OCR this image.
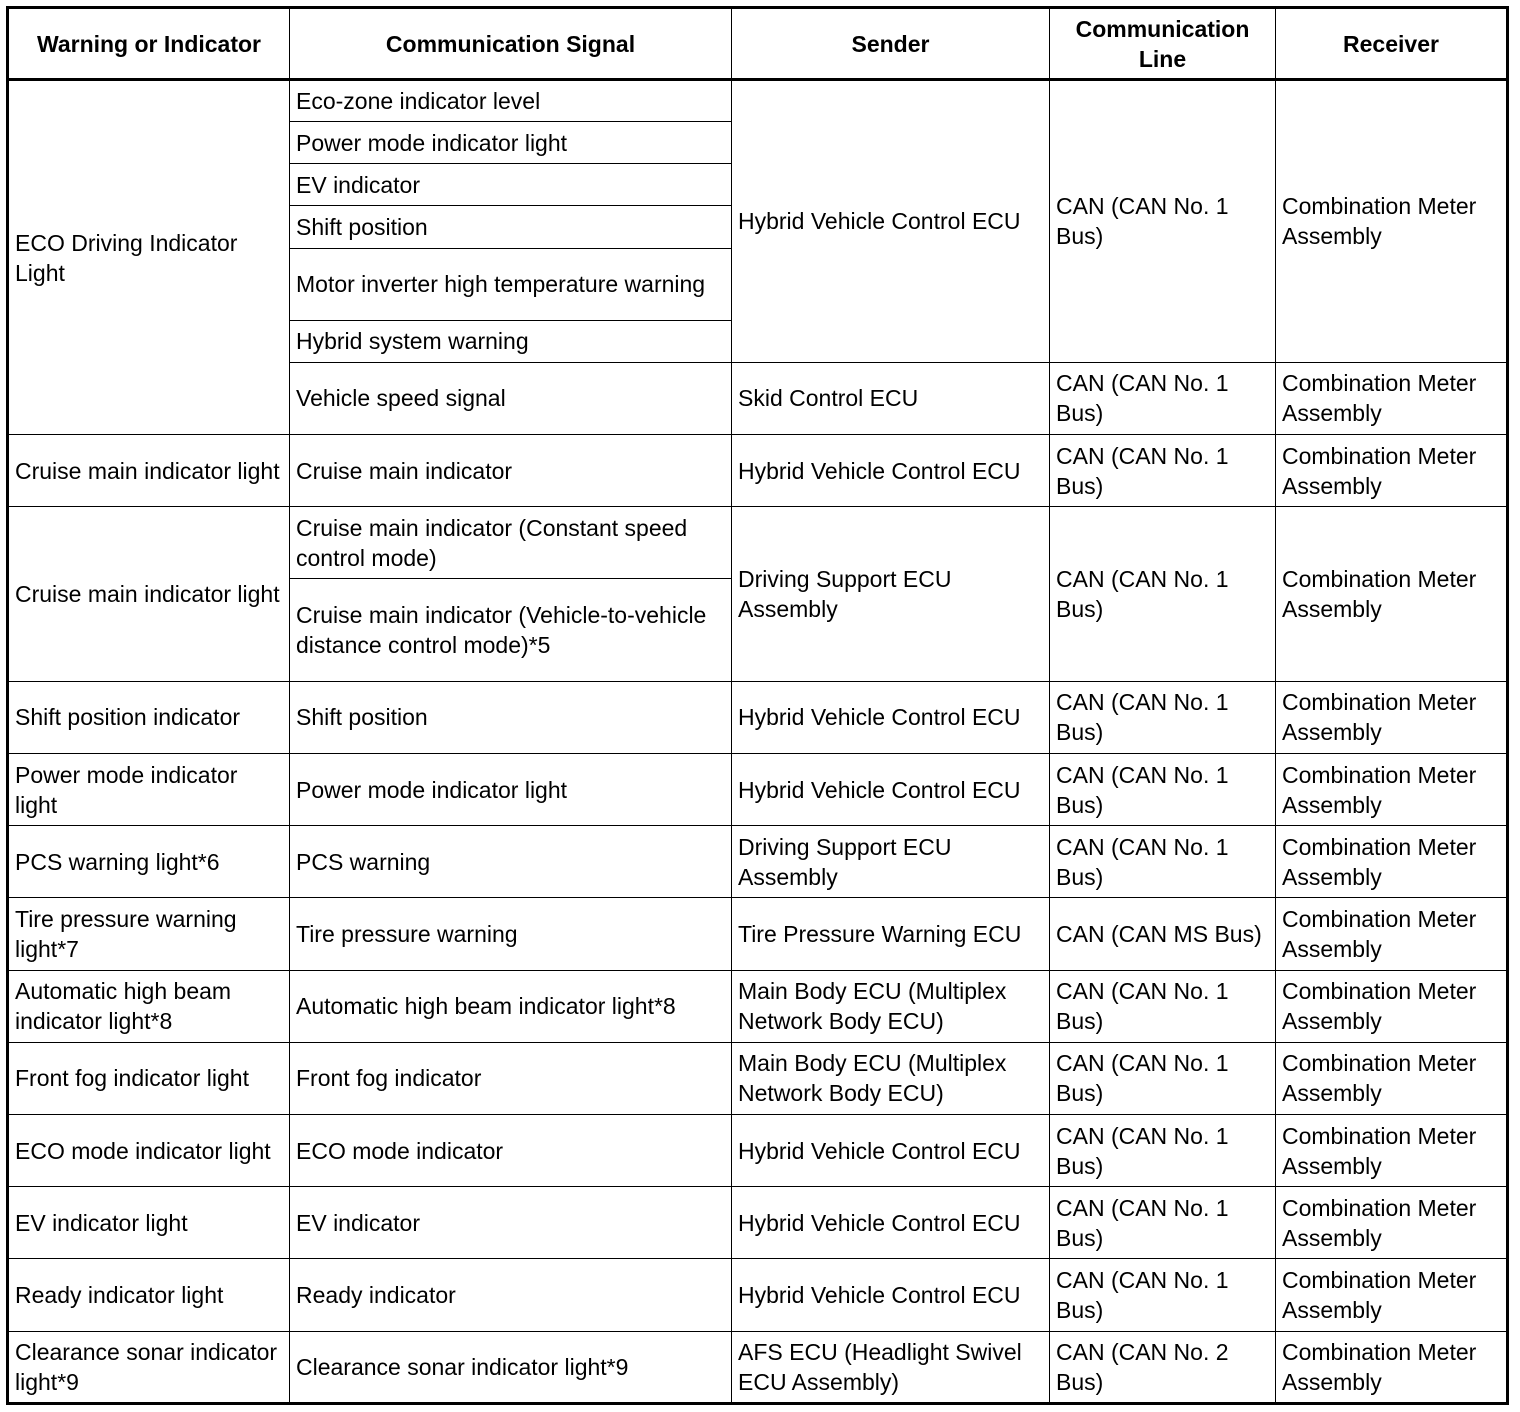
Warning or Indicator	Communication Signal	Sender	Communication Line	Receiver
ECO Driving Indicator Light	Eco-zone indicator level	Hybrid Vehicle Control ECU	CAN (CAN No. 1 Bus)	Combination Meter Assembly
	Power mode indicator light			
	EV indicator			
	Shift position			
	Motor inverter high temperature warning			
	Hybrid system warning			
	Vehicle speed signal	Skid Control ECU	CAN (CAN No. 1 Bus)	Combination Meter Assembly
Cruise main indicator light	Cruise main indicator	Hybrid Vehicle Control ECU	CAN (CAN No. 1 Bus)	Combination Meter Assembly
Cruise main indicator light	Cruise main indicator (Constant speed control mode)	Driving Support ECU Assembly	CAN (CAN No. 1 Bus)	Combination Meter Assembly
	Cruise main indicator (Vehicle-to-vehicle distance control mode)*5			
Shift position indicator	Shift position	Hybrid Vehicle Control ECU	CAN (CAN No. 1 Bus)	Combination Meter Assembly
Power mode indicator light	Power mode indicator light	Hybrid Vehicle Control ECU	CAN (CAN No. 1 Bus)	Combination Meter Assembly
PCS warning light*6	PCS warning	Driving Support ECU Assembly	CAN (CAN No. 1 Bus)	Combination Meter Assembly
Tire pressure warning light*7	Tire pressure warning	Tire Pressure Warning ECU	CAN (CAN MS Bus)	Combination Meter Assembly
Automatic high beam indicator light*8	Automatic high beam indicator light*8	Main Body ECU (Multiplex Network Body ECU)	CAN (CAN No. 1 Bus)	Combination Meter Assembly
Front fog indicator light	Front fog indicator	Main Body ECU (Multiplex Network Body ECU)	CAN (CAN No. 1 Bus)	Combination Meter Assembly
ECO mode indicator light	ECO mode indicator	Hybrid Vehicle Control ECU	CAN (CAN No. 1 Bus)	Combination Meter Assembly
EV indicator light	EV indicator	Hybrid Vehicle Control ECU	CAN (CAN No. 1 Bus)	Combination Meter Assembly
Ready indicator light	Ready indicator	Hybrid Vehicle Control ECU	CAN (CAN No. 1 Bus)	Combination Meter Assembly
Clearance sonar indicator light*9	Clearance sonar indicator light*9	AFS ECU (Headlight Swivel ECU Assembly)	CAN (CAN No. 2 Bus)	Combination Meter Assembly
